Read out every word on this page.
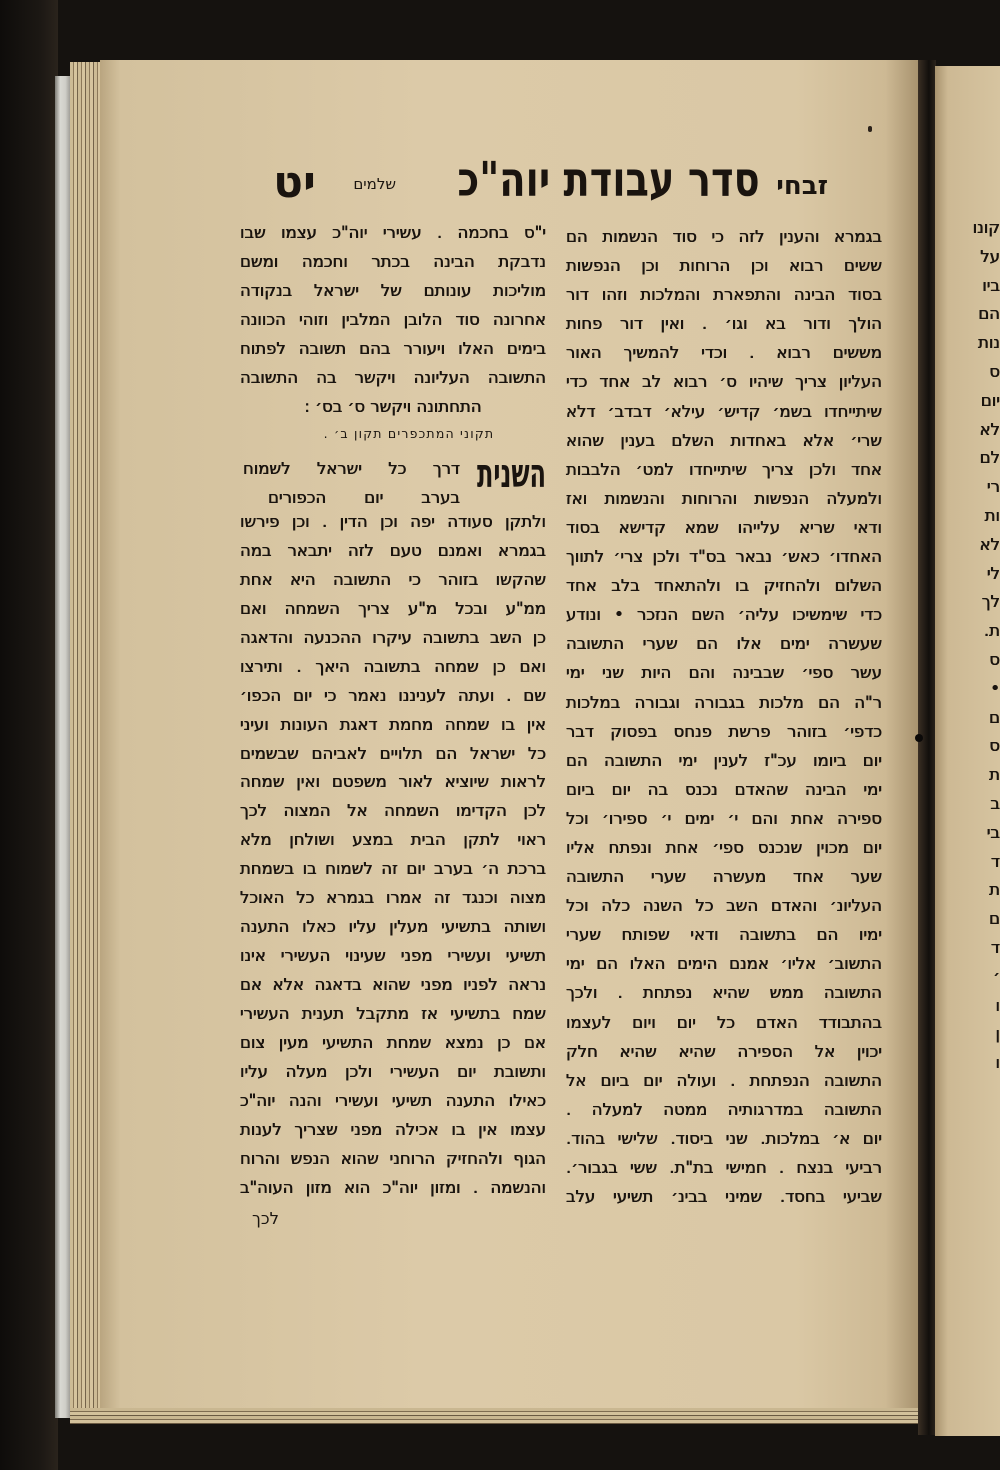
קונו
על
ביו
הם
נות
ס
יום
לא
לם
רי
ות
לא
לי
לך
ת.
ס
•
ם
ס
ת
ב
בי
ד
ת
ם
ד
׳
ו
ן
ו
זבחי
סדר עבודת יוה"כ
שלמים
יט
בגמרא והענין לזה כי סוד הנשמות הם
ששים רבוא וכן הרוחות וכן הנפשות
בסוד הבינה והתפארת והמלכות וזהו דור
הולך ודור בא וגו׳ . ואין דור פחות
מששים רבוא . וכדי להמשיך האור
העליון צריך שיהיו ס׳ רבוא לב אחד כדי
שיתייחדו בשמ׳ קדיש׳ עילא׳ דבדב׳ דלא
שרי׳ אלא באחדות השלם בענין שהוא
אחד ולכן צריך שיתייחדו למט׳ הלבבות
ולמעלה הנפשות והרוחות והנשמות ואז
ודאי שריא עלייהו שמא קדישא בסוד
האחדו׳ כאש׳ נבאר בס"ד ולכן צרי׳ לתווך
השלום ולהחזיק בו ולהתאחד בלב אחד
כדי שימשיכו עליה׳ השם הנזכר • ונודע
שעשרה ימים אלו הם שערי התשובה
עשר ספי׳ שבבינה והם היות שני ימי
ר"ה הם מלכות בגבורה וגבורה במלכות
כדפי׳ בזוהר פרשת פנחס בפסוק דבר
יום ביומו עכ"ז לענין ימי התשובה הם
ימי הבינה שהאדם נכנס בה יום ביום
ספירה אחת והם י׳ ימים י׳ ספירו׳ וכל
יום מכוין שנכנס ספי׳ אחת ונפתח אליו
שער אחד מעשרה שערי התשובה
העליונ׳ והאדם השב כל השנה כלה וכל
ימיו הם בתשובה ודאי שפותח שערי
התשוב׳ אליו׳ אמנם הימים האלו הם ימי
התשובה ממש שהיא נפתחת . ולכך
בהתבודד האדם כל יום ויום לעצמו
יכוין אל הספירה שהיא שהיא חלק
התשובה הנפתחת . ועולה יום ביום אל
התשובה במדרגותיה ממטה למעלה .
יום א׳ במלכות. שני ביסוד. שלישי בהוד.
רביעי בנצח . חמישי בת"ת. ששי בגבור׳.
שביעי בחסד. שמיני בבינ׳ תשיעי עלב
י"ס בחכמה . עשירי יוה"כ עצמו שבו
נדבקת הבינה בכתר וחכמה ומשם
מוליכות עונותם של ישראל בנקודה
אחרונה סוד הלובן המלבין וזוהי הכוונה
בימים האלו ויעורר בהם תשובה לפתוח
התשובה העליונה ויקשר בה התשובה
התחתונה ויקשר ס׳ בס׳ :
תקוני המתכפרים תקון ב׳ .
השנית
דרך כל ישראל לשמוח
בערב יום הכפורים
ולתקן סעודה יפה וכן הדין . וכן פירשו
בגמרא ואמנם טעם לזה יתבאר במה
שהקשו בזוהר כי התשובה היא אחת
ממ"ע ובכל מ"ע צריך השמחה ואם
כן השב בתשובה עיקרו ההכנעה והדאגה
ואם כן שמחה בתשובה היאך . ותירצו
שם . ועתה לעניננו נאמר כי יום הכפו׳
אין בו שמחה מחמת דאגת העונות ועיני
כל ישראל הם תלויים לאביהם שבשמים
לראות שיוציא לאור משפטם ואין שמחה
לכן הקדימו השמחה אל המצוה לכך
ראוי לתקן הבית במצע ושולחן מלא
ברכת ה׳ בערב יום זה לשמוח בו בשמחת
מצוה וכנגד זה אמרו בגמרא כל האוכל
ושותה בתשיעי מעלין עליו כאלו התענה
תשיעי ועשירי מפני שעינוי העשירי אינו
נראה לפניו מפני שהוא בדאגה אלא אם
שמח בתשיעי אז מתקבל תענית העשירי
אם כן נמצא שמחת התשיעי מעין צום
ותשובת יום העשירי ולכן מעלה עליו
כאילו התענה תשיעי ועשירי והנה יוה"כ
עצמו אין בו אכילה מפני שצריך לענות
הגוף ולהחזיק הרוחני שהוא הנפש והרוח
והנשמה . ומזון יוה"כ הוא מזון העוה"ב
לכך
